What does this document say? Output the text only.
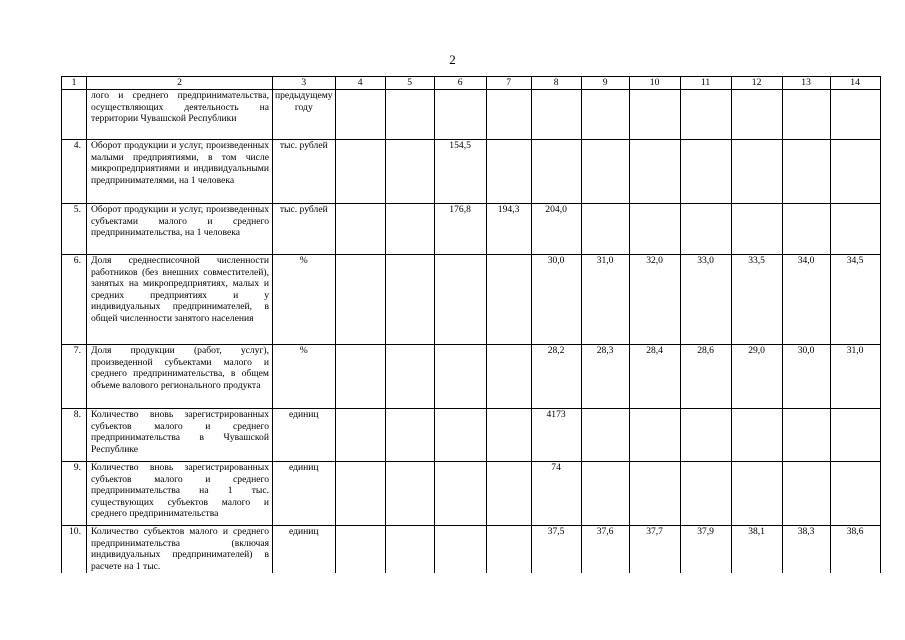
2
1	2	3	4	5	6	7	8	9	10	11	12	13	14
	лого и среднего предпринимательства, осуществляющих деятельность на территории Чувашской Республики	предыдущему году											
4.	Оборот продукции и услуг, произведенных малыми предприятиями, в том числе микропредприятиями и индивидуальными предпринимателями, на 1 человека	тыс. рублей			154,5								
5.	Оборот продукции и услуг, произведенных субъектами малого и среднего предпринимательства, на 1 человека	тыс. рублей			176,8	194,3	204,0						
6.	Доля среднесписочной численности работников (без внешних совместителей), занятых на микропредприятиях, малых и средних предприятиях и у индивидуальных предпринимателей, в общей численности занятого населения	%					30,0	31,0	32,0	33,0	33,5	34,0	34,5
7.	Доля продукции (работ, услуг), произведенной субъектами малого и среднего предпринимательства, в общем объеме валового регионального продукта	%					28,2	28,3	28,4	28,6	29,0	30,0	31,0
8.	Количество вновь зарегистрированных субъектов малого и среднего предпринимательства в Чувашской Республике	единиц					4173						
9.	Количество вновь зарегистрированных субъектов малого и среднего предпринимательства на 1 тыс. существующих субъектов малого и среднего предпринимательства	единиц					74						
10.	Количество субъектов малого и среднего предпринимательства (включая индивидуальных предпринимателей) в расчете на 1 тыс.	единиц					37,5	37,6	37,7	37,9	38,1	38,3	38,6
